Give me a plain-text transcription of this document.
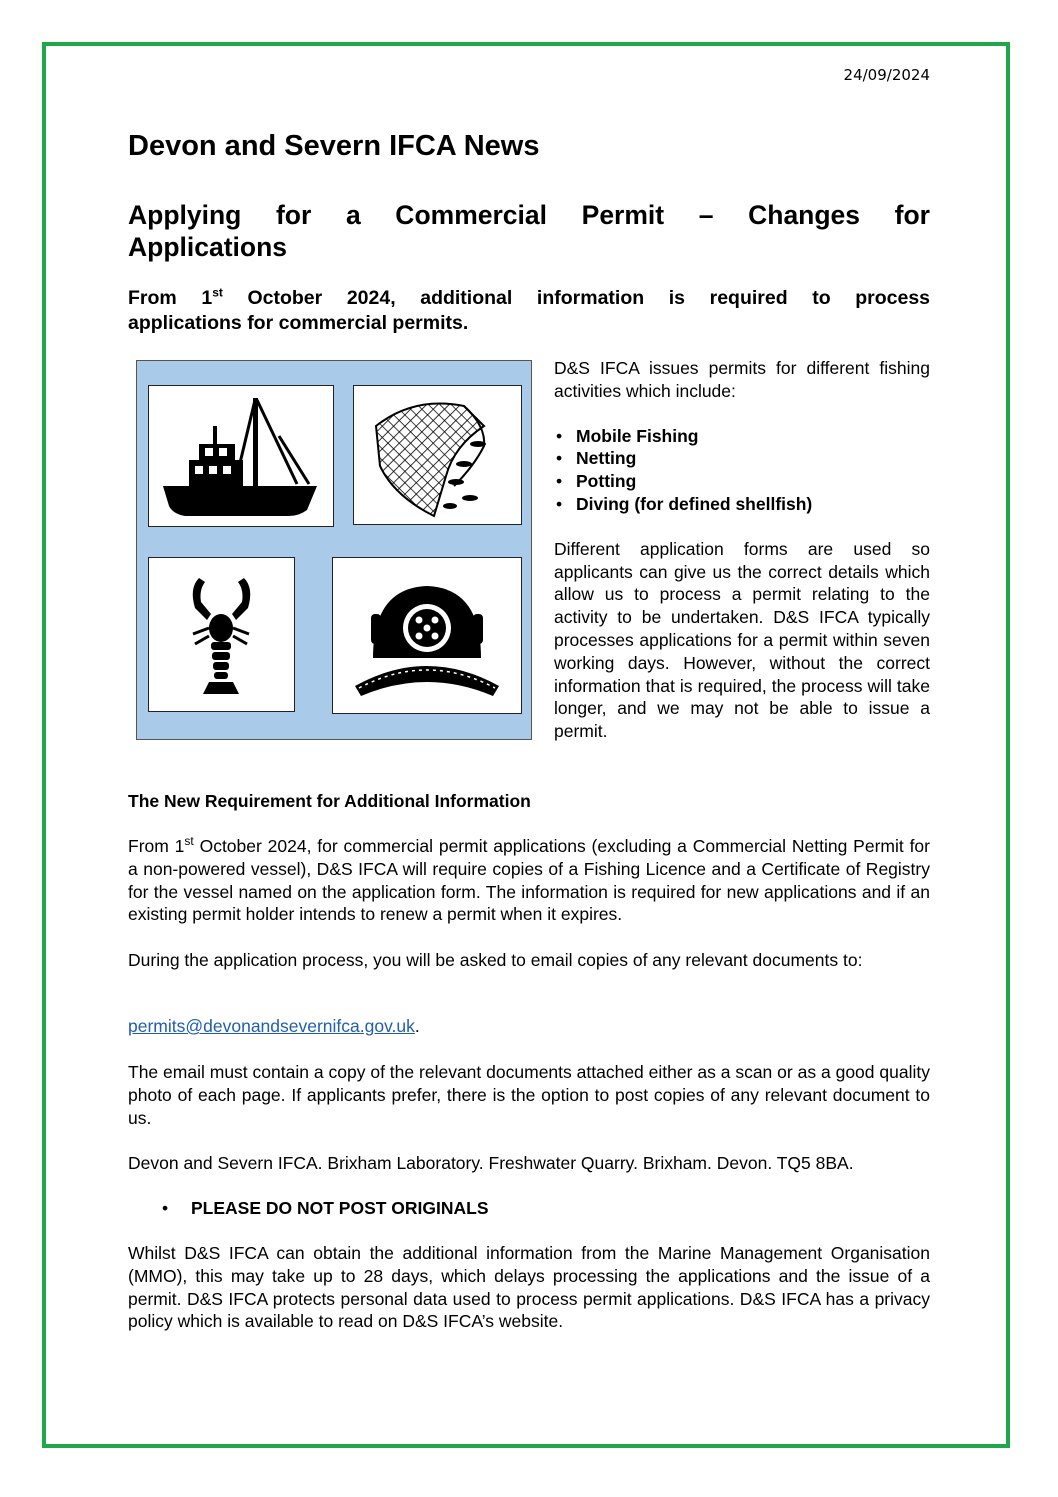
24/09/2024
Devon and Severn IFCA News
Applying for a Commercial Permit – Changes for
Applications
From 1st October 2024, additional information is required to process
applications for commercial permits.

D&S IFCA issues permits for different fishing activities which include:

• Mobile Fishing
• Netting
• Potting
• Diving (for defined shellfish)

Different application forms are used so applicants can give us the correct details which allow us to process a permit relating to the activity to be undertaken. D&S IFCA typically processes applications for a permit within seven working days. However, without the correct information that is required, the process will take longer, and we may not be able to issue a permit.

The New Requirement for Additional Information

From 1st October 2024, for commercial permit applications (excluding a Commercial Netting Permit for a non-powered vessel), D&S IFCA will require copies of a Fishing Licence and a Certificate of Registry for the vessel named on the application form. The information is required for new applications and if an existing permit holder intends to renew a permit when it expires.

During the application process, you will be asked to email copies of any relevant documents to:

permits@devonandsevernifca.gov.uk.

The email must contain a copy of the relevant documents attached either as a scan or as a good quality photo of each page. If applicants prefer, there is the option to post copies of any relevant document to us.

Devon and Severn IFCA. Brixham Laboratory. Freshwater Quarry. Brixham. Devon. TQ5 8BA.

• PLEASE DO NOT POST ORIGINALS

Whilst D&S IFCA can obtain the additional information from the Marine Management Organisation (MMO), this may take up to 28 days, which delays processing the applications and the issue of a permit. D&S IFCA protects personal data used to process permit applications. D&S IFCA has a privacy policy which is available to read on D&S IFCA’s website.
